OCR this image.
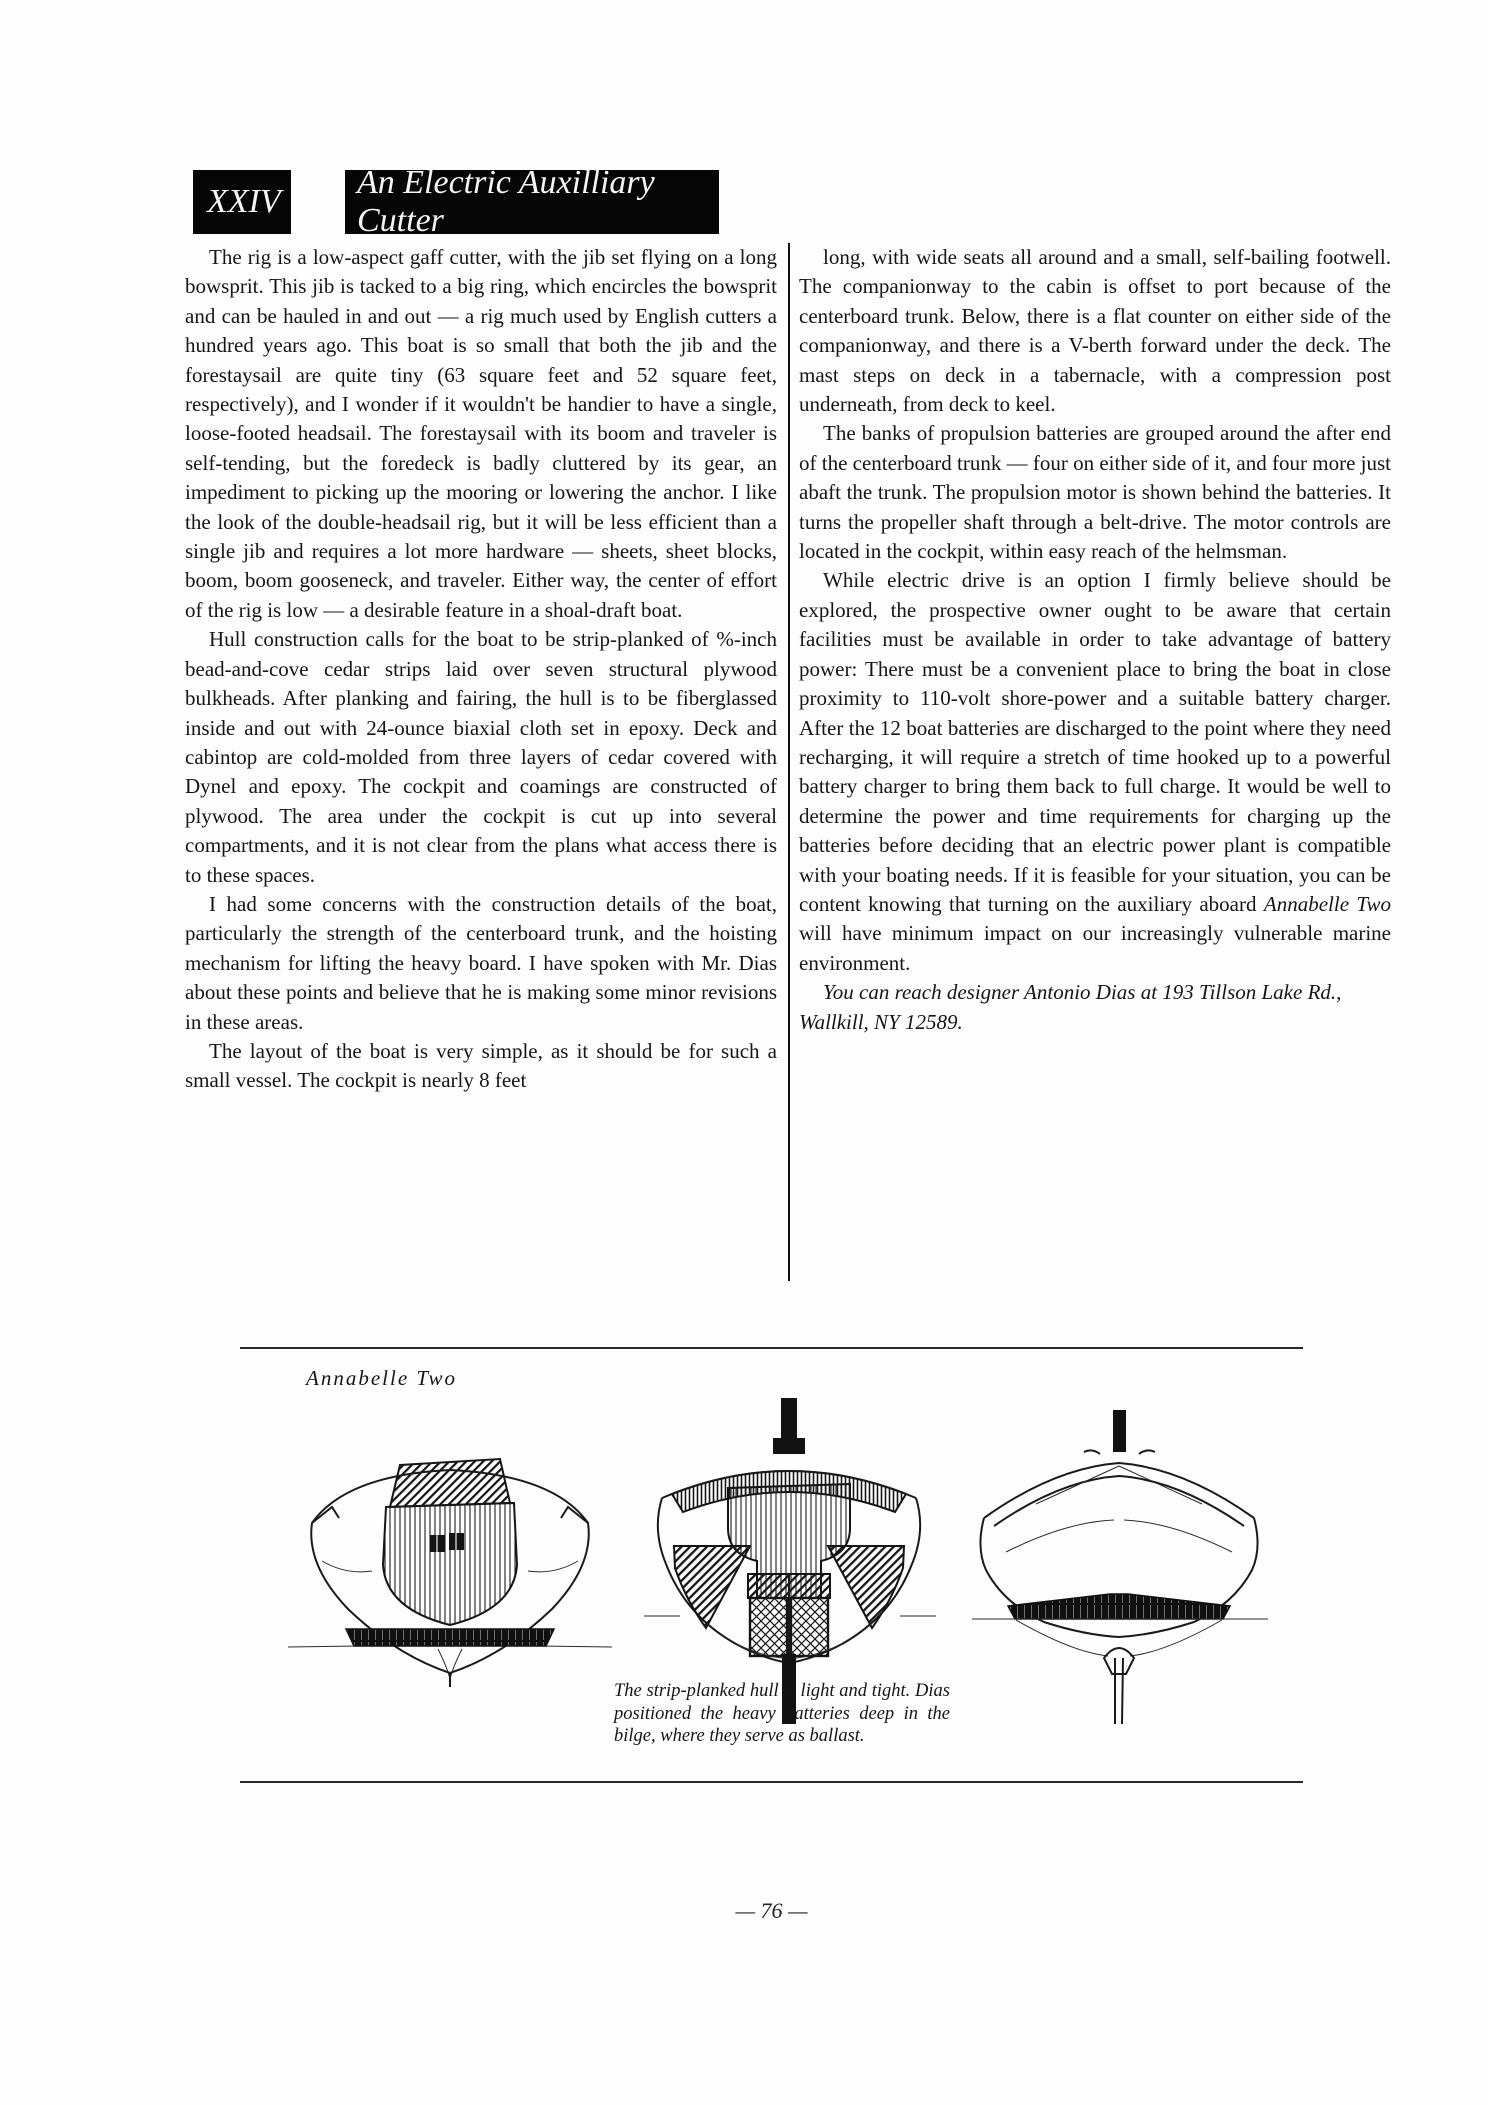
XXIV
An Electric Auxilliary Cutter

The rig is a low-aspect gaff cutter, with the jib set flying on a long bowsprit. This jib is tacked to a big ring, which encircles the bowsprit and can be hauled in and out — a rig much used by English cutters a hundred years ago. This boat is so small that both the jib and the forestaysail are quite tiny (63 square feet and 52 square feet, respectively), and I wonder if it wouldn't be handier to have a single, loose-footed headsail. The forestaysail with its boom and traveler is self-tending, but the foredeck is badly cluttered by its gear, an impediment to picking up the mooring or lowering the anchor. I like the look of the double-headsail rig, but it will be less efficient than a single jib and requires a lot more hardware — sheets, sheet blocks, boom, boom gooseneck, and traveler. Either way, the center of effort of the rig is low — a desirable feature in a shoal-draft boat.

Hull construction calls for the boat to be strip-planked of %-inch bead-and-cove cedar strips laid over seven structural plywood bulkheads. After planking and fairing, the hull is to be fiberglassed inside and out with 24-ounce biaxial cloth set in epoxy. Deck and cabintop are cold-molded from three layers of cedar covered with Dynel and epoxy. The cockpit and coamings are constructed of plywood. The area under the cockpit is cut up into several compartments, and it is not clear from the plans what access there is to these spaces.

I had some concerns with the construction details of the boat, particularly the strength of the centerboard trunk, and the hoisting mechanism for lifting the heavy board. I have spoken with Mr. Dias about these points and believe that he is making some minor revisions in these areas.

The layout of the boat is very simple, as it should be for such a small vessel. The cockpit is nearly 8 feet

long, with wide seats all around and a small, self-bailing footwell. The companionway to the cabin is offset to port because of the centerboard trunk. Below, there is a flat counter on either side of the companionway, and there is a V-berth forward under the deck. The mast steps on deck in a tabernacle, with a compression post underneath, from deck to keel.

The banks of propulsion batteries are grouped around the after end of the centerboard trunk — four on either side of it, and four more just abaft the trunk. The propulsion motor is shown behind the batteries. It turns the propeller shaft through a belt-drive. The motor controls are located in the cockpit, within easy reach of the helmsman.

While electric drive is an option I firmly believe should be explored, the prospective owner ought to be aware that certain facilities must be available in order to take advantage of battery power: There must be a convenient place to bring the boat in close proximity to 110-volt shore-power and a suitable battery charger. After the 12 boat batteries are discharged to the point where they need recharging, it will require a stretch of time hooked up to a powerful battery charger to bring them back to full charge. It would be well to determine the power and time requirements for charging up the batteries before deciding that an electric power plant is compatible with your boating needs. If it is feasible for your situation, you can be content knowing that turning on the auxiliary aboard Annabelle Two will have minimum impact on our increasingly vulnerable marine environment.

You can reach designer Antonio Dias at 193 Tillson Lake Rd., Wallkill, NY 12589.

Annabelle Two
The strip-planked hull is light and tight. Dias positioned the heavy batteries deep in the bilge, where they serve as ballast.
— 76 —
